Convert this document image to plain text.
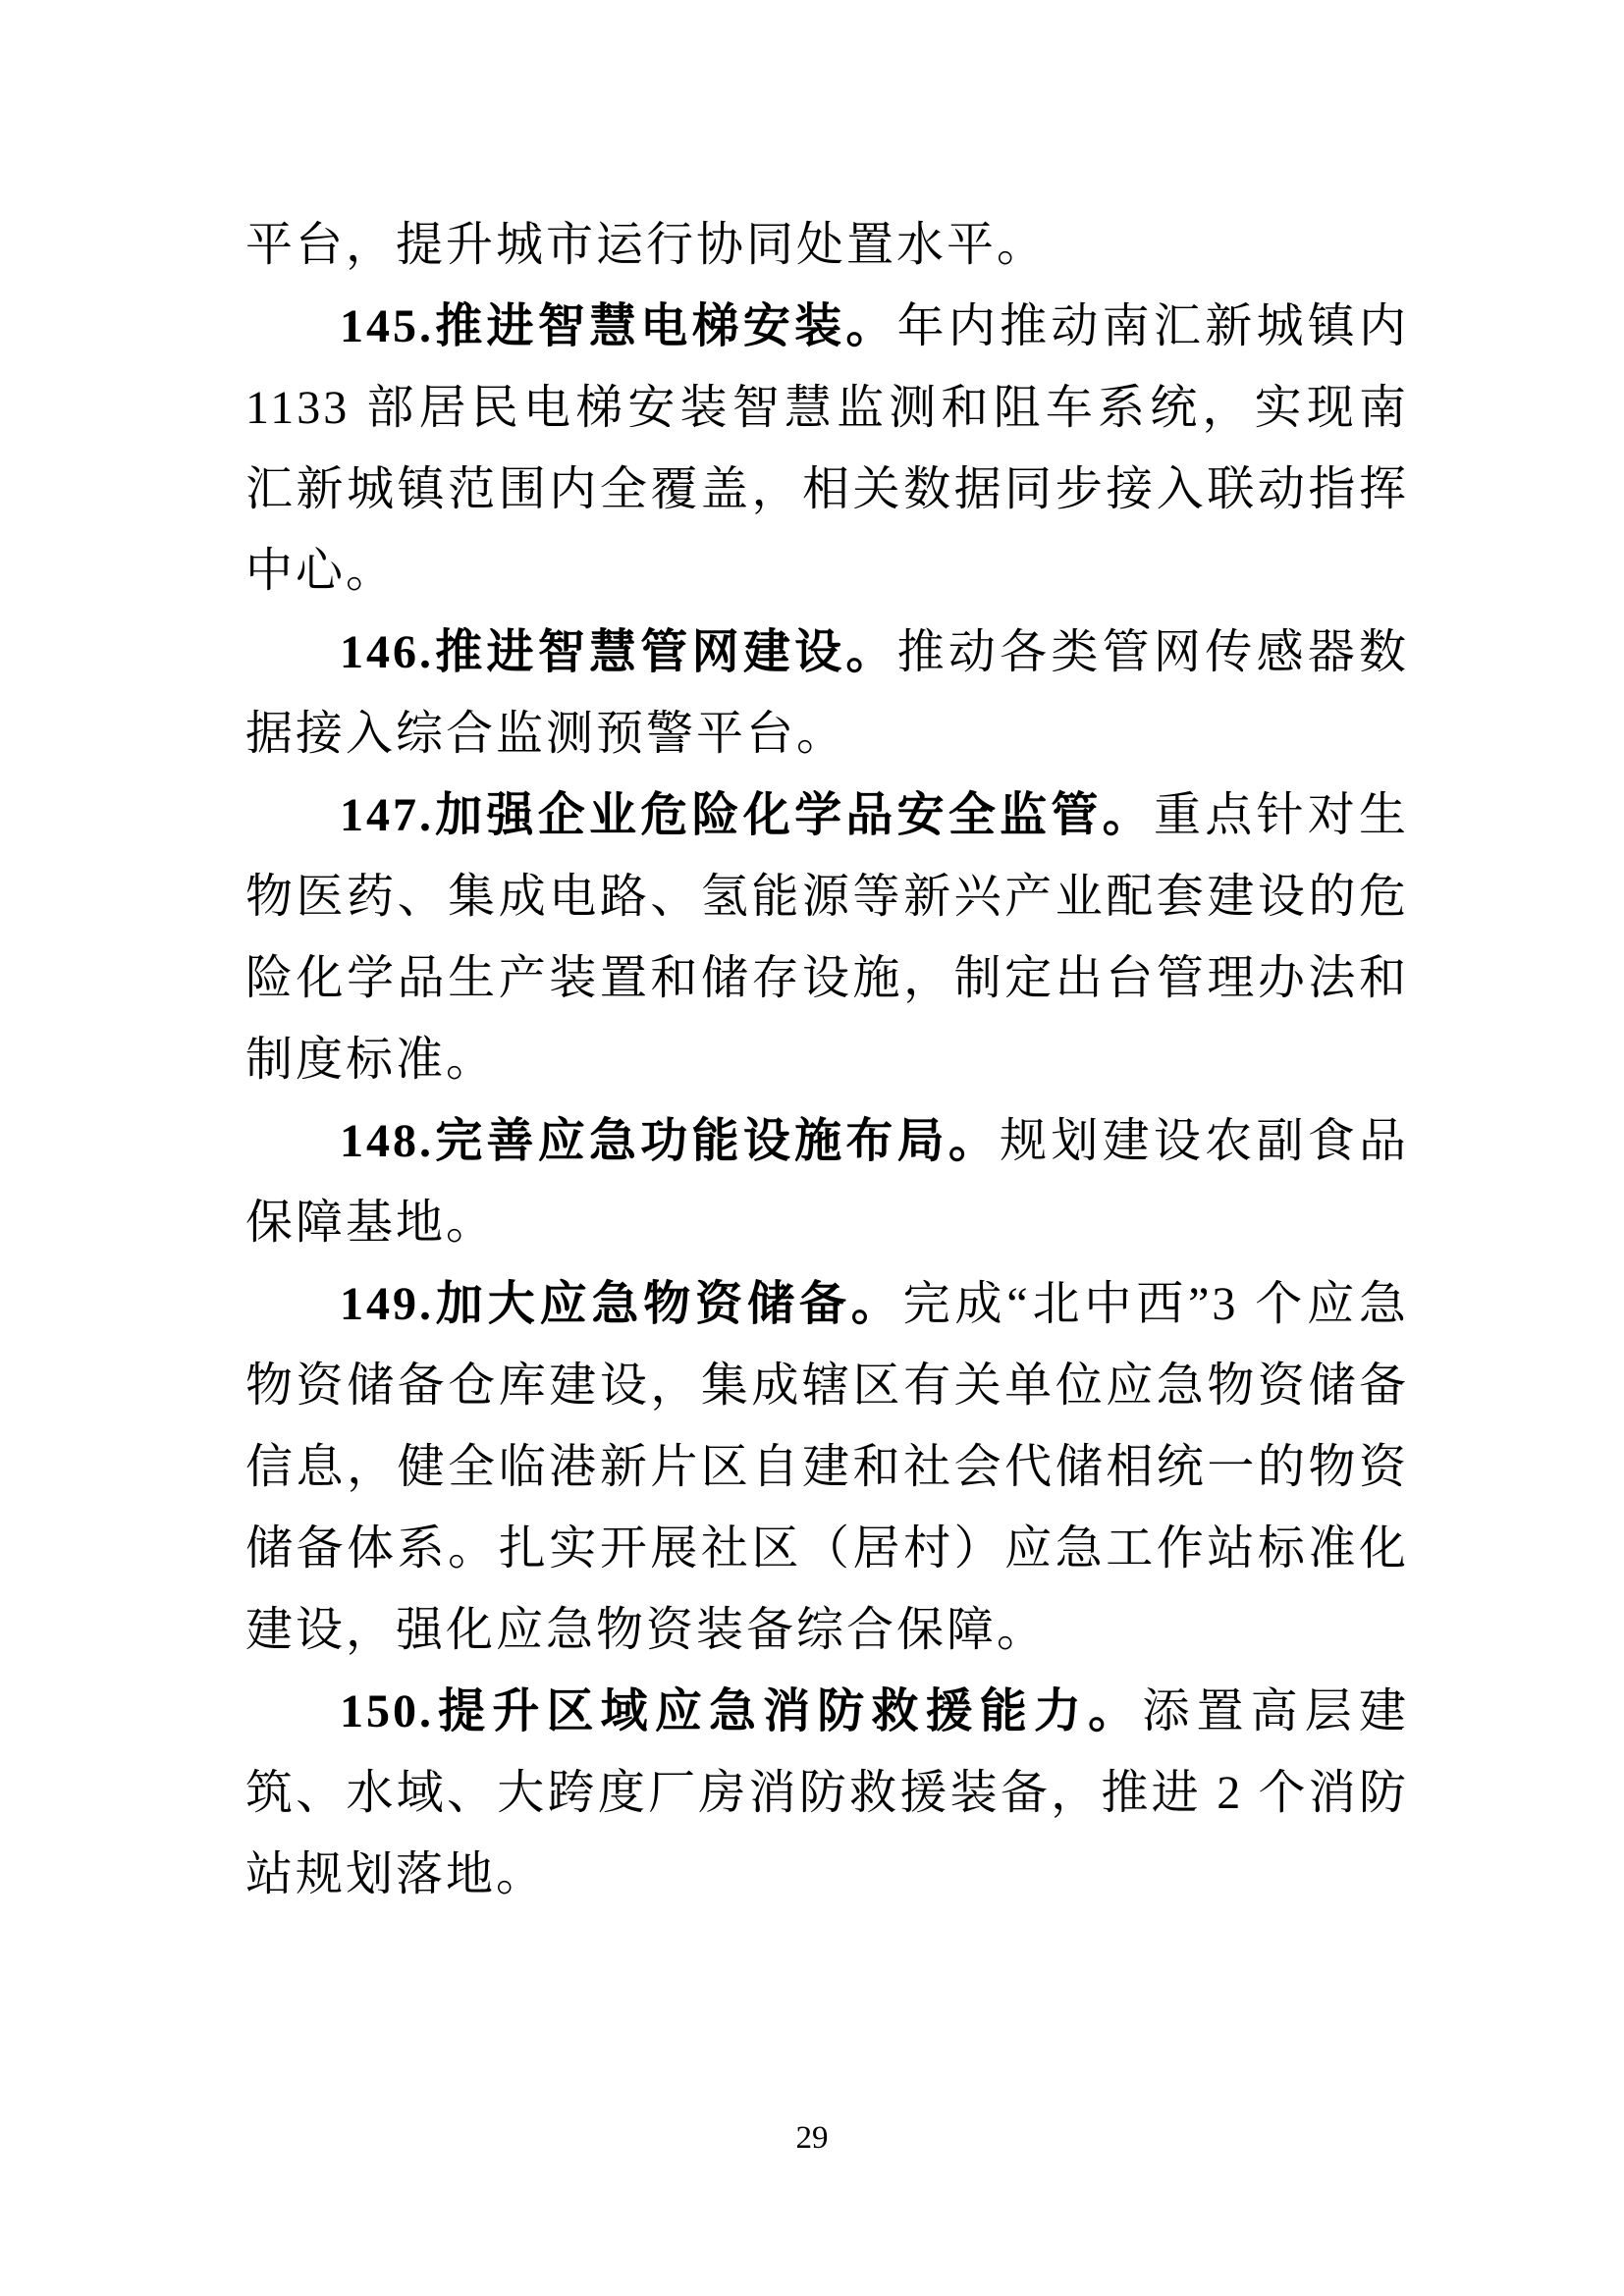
平台，提升城市运行协同处置水平。

145.推进智慧电梯安装。年内推动南汇新城镇内 1133 部居民电梯安装智慧监测和阻车系统，实现南汇新城镇范围内全覆盖，相关数据同步接入联动指挥中心。

146.推进智慧管网建设。推动各类管网传感器数据接入综合监测预警平台。

147.加强企业危险化学品安全监管。重点针对生物医药、集成电路、氢能源等新兴产业配套建设的危险化学品生产装置和储存设施，制定出台管理办法和制度标准。

148.完善应急功能设施布局。规划建设农副食品保障基地。

149.加大应急物资储备。完成“北中西”3 个应急物资储备仓库建设，集成辖区有关单位应急物资储备信息，健全临港新片区自建和社会代储相统一的物资储备体系。扎实开展社区（居村）应急工作站标准化建设，强化应急物资装备综合保障。

150.提升区域应急消防救援能力。添置高层建筑、水域、大跨度厂房消防救援装备，推进 2 个消防站规划落地。

29
